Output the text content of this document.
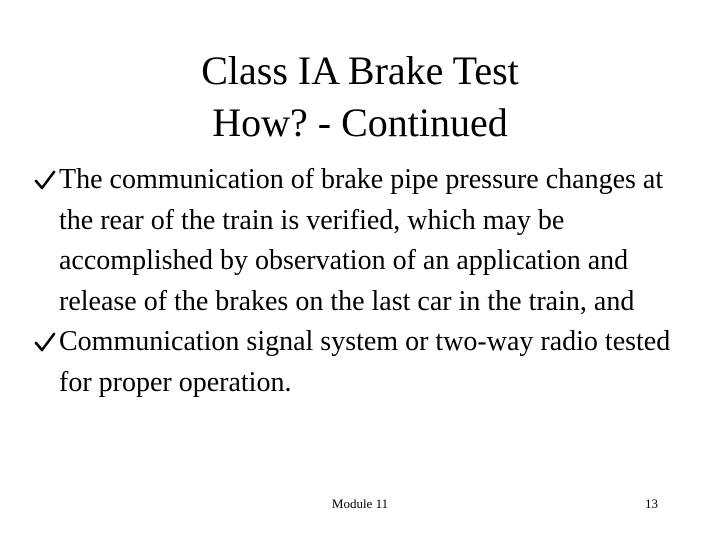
Class IA Brake Test
How? - Continued
The communication of brake pipe pressure changes at the rear of the train is verified, which may be accomplished by observation of an application and release of the brakes on the last car in the train, and
Communication signal system or two-way radio tested for proper operation.
Module 11	13
